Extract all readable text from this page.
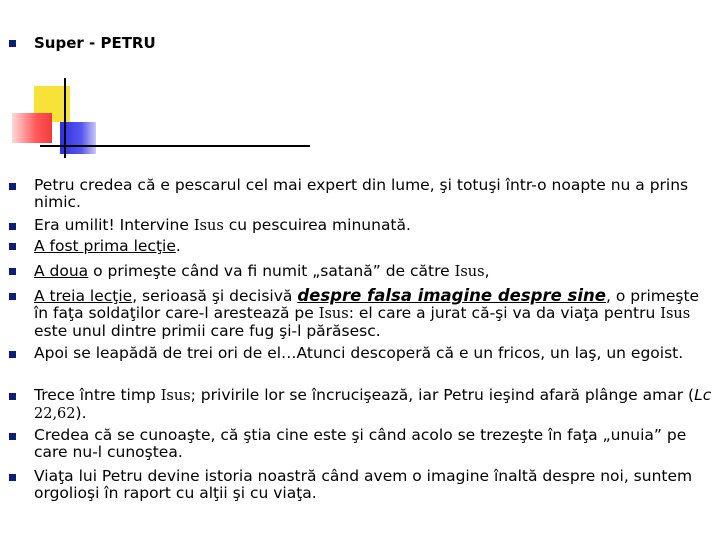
Super - PETRU
Petru credea că e pescarul cel mai expert din lume, şi totuşi într-o noapte nu a prins nimic.
Era umilit! Intervine Isus cu pescuirea minunată.
A fost prima lecţie.
A doua o primeşte când va fi numit „satană” de către Isus,
A treia lecţie, serioasă şi decisivă despre falsa imagine despre sine, o primeşte în faţa soldaţilor care-l arestează pe Isus: el care a jurat că-şi va da viaţa pentru Isus este unul dintre primii care fug şi-l părăsesc.
Apoi se leapădă de trei ori de el…Atunci descoperă că e un fricos, un laş, un egoist.
Trece între timp Isus; privirile lor se încrucişează, iar Petru ieşind afară plânge amar (Lc 22,62).
Credea că se cunoaşte, că ştia cine este şi când acolo se trezeşte în faţa „unuia” pe care nu-l cunoştea.
Viaţa lui Petru devine istoria noastră când avem o imagine înaltă despre noi, suntem orgolioşi în raport cu alţii şi cu viaţa.
